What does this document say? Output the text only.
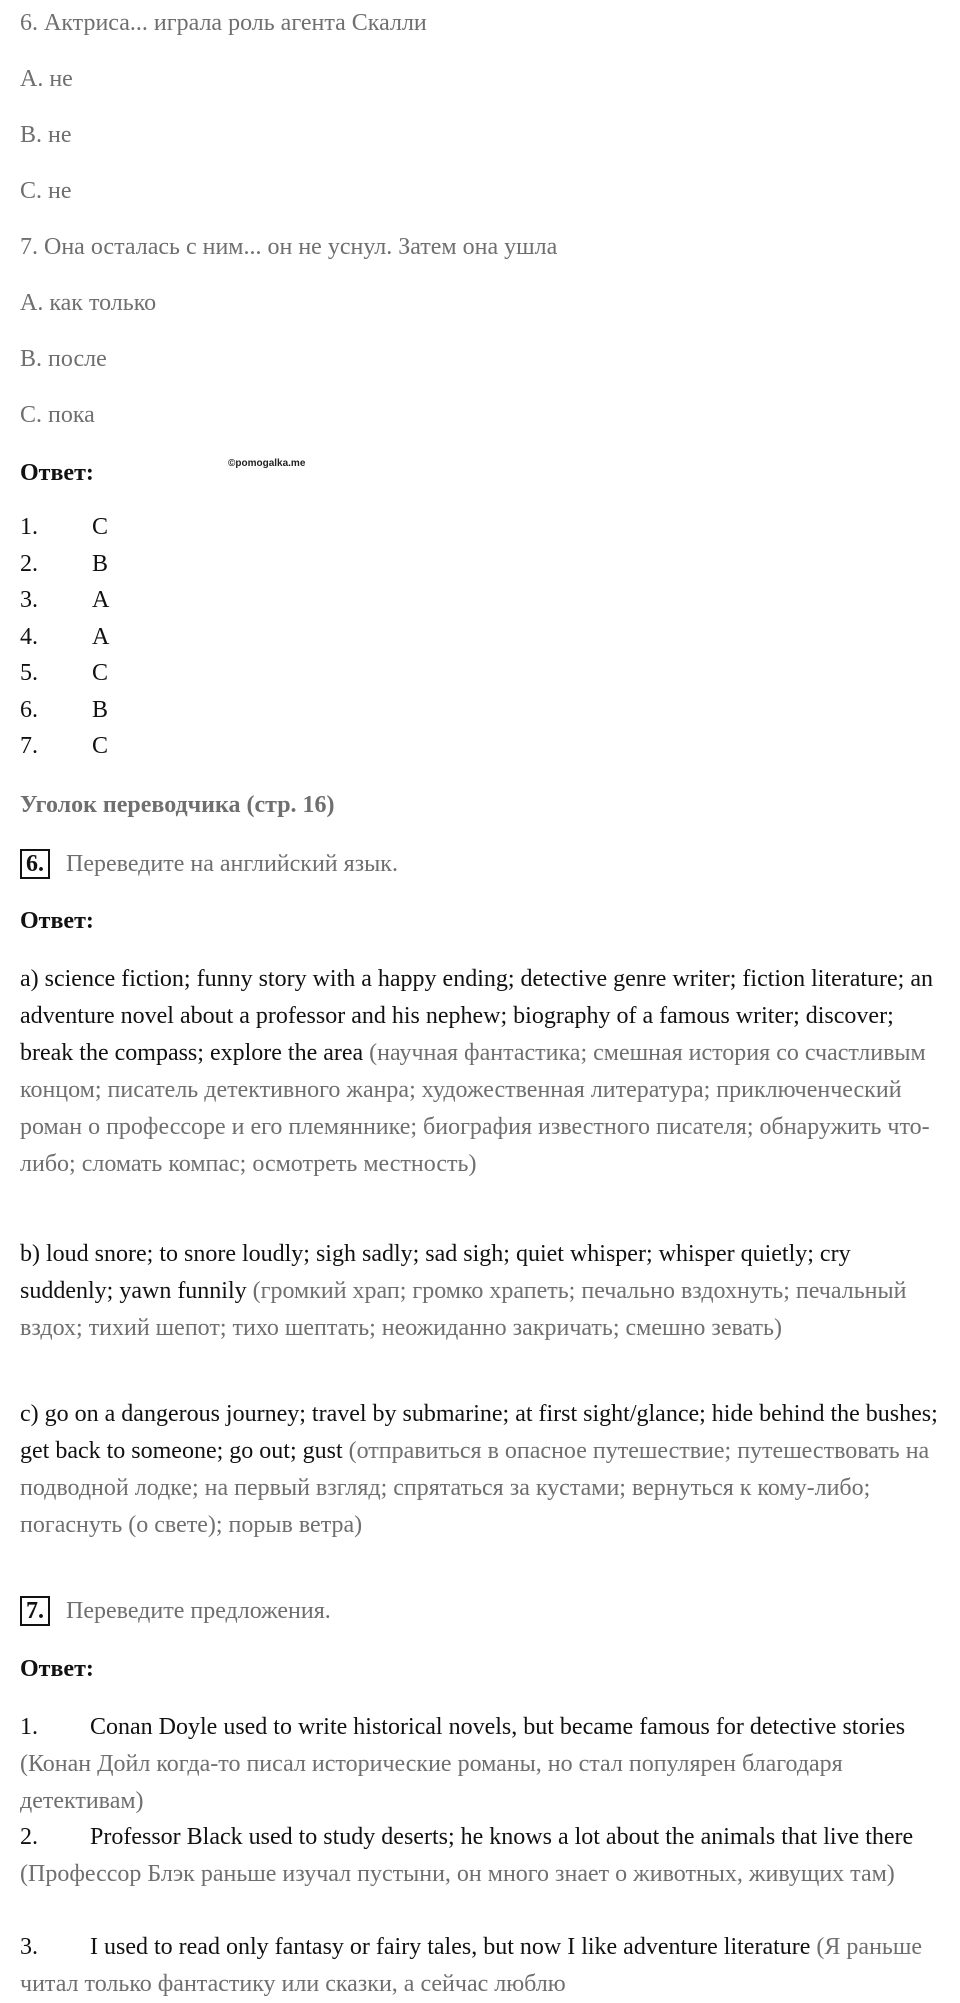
6. Актриса... играла роль агента Скалли
A. не
B. не
C. не
7. Она осталась с ним... он не уснул. Затем она ушла
A. как только
B. после
C. пока
Ответ:	©pomogalka.me
1.	C
2.	B
3.	A
4.	A
5.	C
6.	B
7.	C
Уголок переводчика (стр. 16)
6. Переведите на английский язык.
Ответ:
a) science fiction; funny story with a happy ending; detective genre writer; fiction literature; an adventure novel about a professor and his nephew; biography of a famous writer; discover; break the compass; explore the area (научная фантастика; смешная история со счастливым концом; писатель детективного жанра; художественная литература; приключенческий роман о профессоре и его племяннике; биография известного писателя; обнаружить что- либо; сломать компас; осмотреть местность)
b) loud snore; to snore loudly; sigh sadly; sad sigh; quiet whisper; whisper quietly; cry suddenly; yawn funnily (громкий храп; громко храпеть; печально вздохнуть; печальный вздох; тихий шепот; тихо шептать; неожиданно закричать; смешно зевать)
c) go on a dangerous journey; travel by submarine; at first sight/glance; hide behind the bushes; get back to someone; go out; gust (отправиться в опасное путешествие; путешествовать на подводной лодке; на первый взгляд; спрятаться за кустами; вернуться к кому-либо; погаснуть (о свете); порыв ветра)
7. Переведите предложения.
Ответ:
1. Conan Doyle used to write historical novels, but became famous for detective stories (Конан Дойл когда-то писал исторические романы, но стал популярен благодаря детективам)
2. Professor Black used to study deserts; he knows a lot about the animals that live there (Профессор Блэк раньше изучал пустыни, он много знает о животных, живущих там)
3. I used to read only fantasy or fairy tales, but now I like adventure literature (Я раньше читал только фантастику или сказки, а сейчас люблю
